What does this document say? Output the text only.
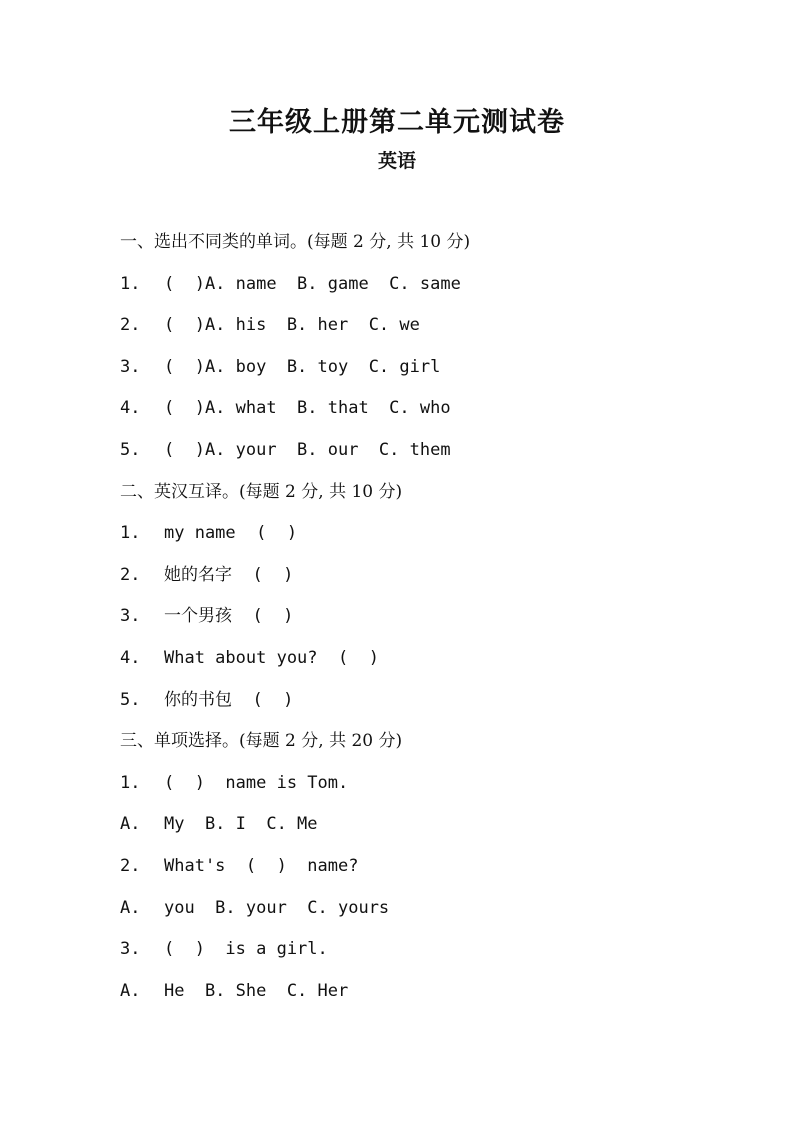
三年级上册第二单元测试卷
英语
一、选出不同类的单词。(每题 2 分, 共 10 分)
1. (  )A. name  B. game  C. same
2. (  )A. his  B. her  C. we
3. (  )A. boy  B. toy  C. girl
4. (  )A. what  B. that  C. who
5. (  )A. your  B. our  C. them
二、英汉互译。(每题 2 分, 共 10 分)
1. my name  (  )
2. 她的名字  (  )
3. 一个男孩  (  )
4. What about you?  (  )
5. 你的书包  (  )
三、单项选择。(每题 2 分, 共 20 分)
1. (  )  name is Tom.
A. My  B. I  C. Me
2. What's  (  )  name?
A. you  B. your  C. yours
3. (  )  is a girl.
A. He  B. She  C. Her
